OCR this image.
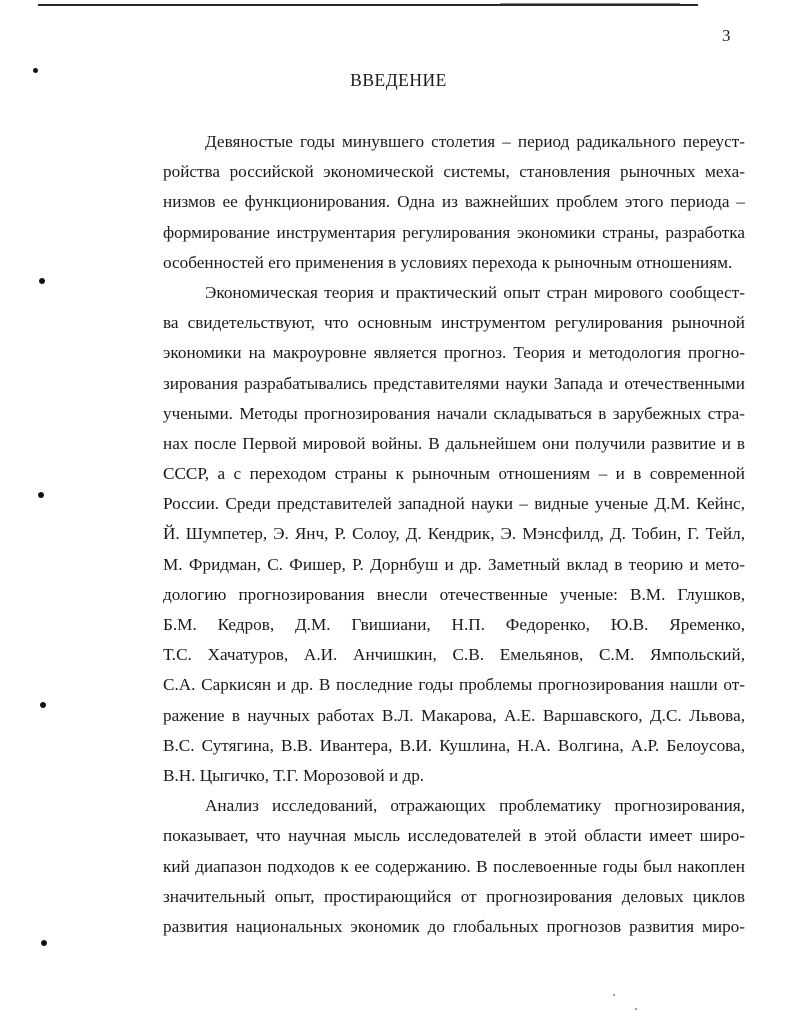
3
ВВЕДЕНИЕ

Девяностые годы минувшего столетия – период радикального переуст-
ройства российской экономической системы, становления рыночных меха-
низмов ее функционирования. Одна из важнейших проблем этого периода –
формирование инструментария регулирования экономики страны, разработка
особенностей его применения в условиях перехода к рыночным отношениям.

Экономическая теория и практический опыт стран мирового сообщест-
ва свидетельствуют, что основным инструментом регулирования рыночной
экономики на макроуровне является прогноз. Теория и методология прогно-
зирования разрабатывались представителями науки Запада и отечественными
учеными. Методы прогнозирования начали складываться в зарубежных стра-
нах после Первой мировой войны. В дальнейшем они получили развитие и в
СССР, а с переходом страны к рыночным отношениям – и в современной
России. Среди представителей западной науки – видные ученые Д.М. Кейнс,
Й. Шумпетер, Э. Янч, Р. Солоу, Д. Кендрик, Э. Мэнсфилд, Д. Тобин, Г. Тейл,
М. Фридман, С. Фишер, Р. Дорнбуш и др. Заметный вклад в теорию и мето-
дологию прогнозирования внесли отечественные ученые: В.М. Глушков,
Б.М. Кедров, Д.М. Гвишиани, Н.П. Федоренко, Ю.В. Яременко,
Т.С. Хачатуров, А.И. Анчишкин, С.В. Емельянов, С.М. Ямпольский,
С.А. Саркисян и др. В последние годы проблемы прогнозирования нашли от-
ражение в научных работах В.Л. Макарова, А.Е. Варшавского, Д.С. Львова,
В.С. Сутягина, В.В. Ивантера, В.И. Кушлина, Н.А. Волгина, А.Р. Белоусова,
В.Н. Цыгичко, Т.Г. Морозовой и др.

Анализ исследований, отражающих проблематику прогнозирования,
показывает, что научная мысль исследователей в этой области имеет широ-
кий диапазон подходов к ее содержанию. В послевоенные годы был накоплен
значительный опыт, простирающийся от прогнозирования деловых циклов
развития национальных экономик до глобальных прогнозов развития миро-
